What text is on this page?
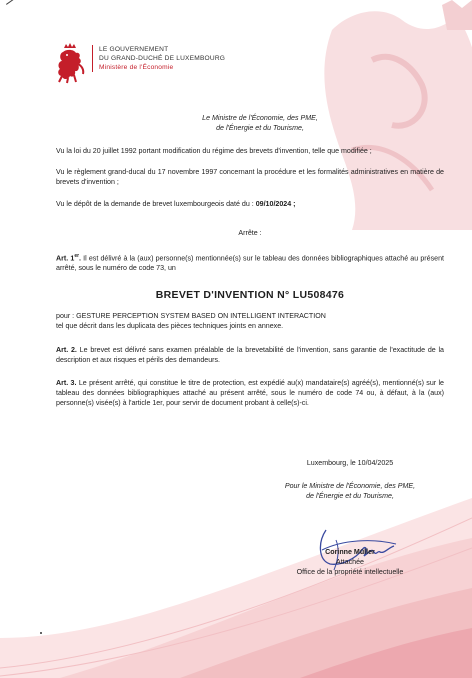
LE GOUVERNEMENT
DU GRAND-DUCHÉ DE LUXEMBOURG
Ministère de l'Économie
Le Ministre de l'Économie, des PME,
de l'Énergie et du Tourisme,
Vu la loi du 20 juillet 1992 portant modification du régime des brevets d'invention, telle que modifiée ;
Vu le règlement grand-ducal du 17 novembre 1997 concernant la procédure et les formalités administratives en matière de brevets d'invention ;
Vu le dépôt de la demande de brevet luxembourgeois daté du : 09/10/2024 ;
Arrête :
Art. 1er. Il est délivré à la (aux) personne(s) mentionnée(s) sur le tableau des données bibliographiques attaché au présent arrêté, sous le numéro de code 73, un
BREVET D'INVENTION N° LU508476
pour : GESTURE PERCEPTION SYSTEM BASED ON INTELLIGENT INTERACTION
tel que décrit dans les duplicata des pièces techniques joints en annexe.
Art. 2. Le brevet est délivré sans examen préalable de la brevetabilité de l'invention, sans garantie de l'exactitude de la description et aux risques et périls des demandeurs.
Art. 3. Le présent arrêté, qui constitue le titre de protection, est expédié au(x) mandataire(s) agréé(s), mentionné(s) sur le tableau des données bibliographiques attaché au présent arrêté, sous le numéro de code 74 ou, à défaut, à la (aux) personne(s) visée(s) à l'article 1er, pour servir de document probant à celle(s)-ci.
Luxembourg, le 10/04/2025
Pour le Ministre de l'Économie, des PME,
de l'Énergie et du Tourisme,
Corinne Müller
Attachée
Office de la propriété intellectuelle
